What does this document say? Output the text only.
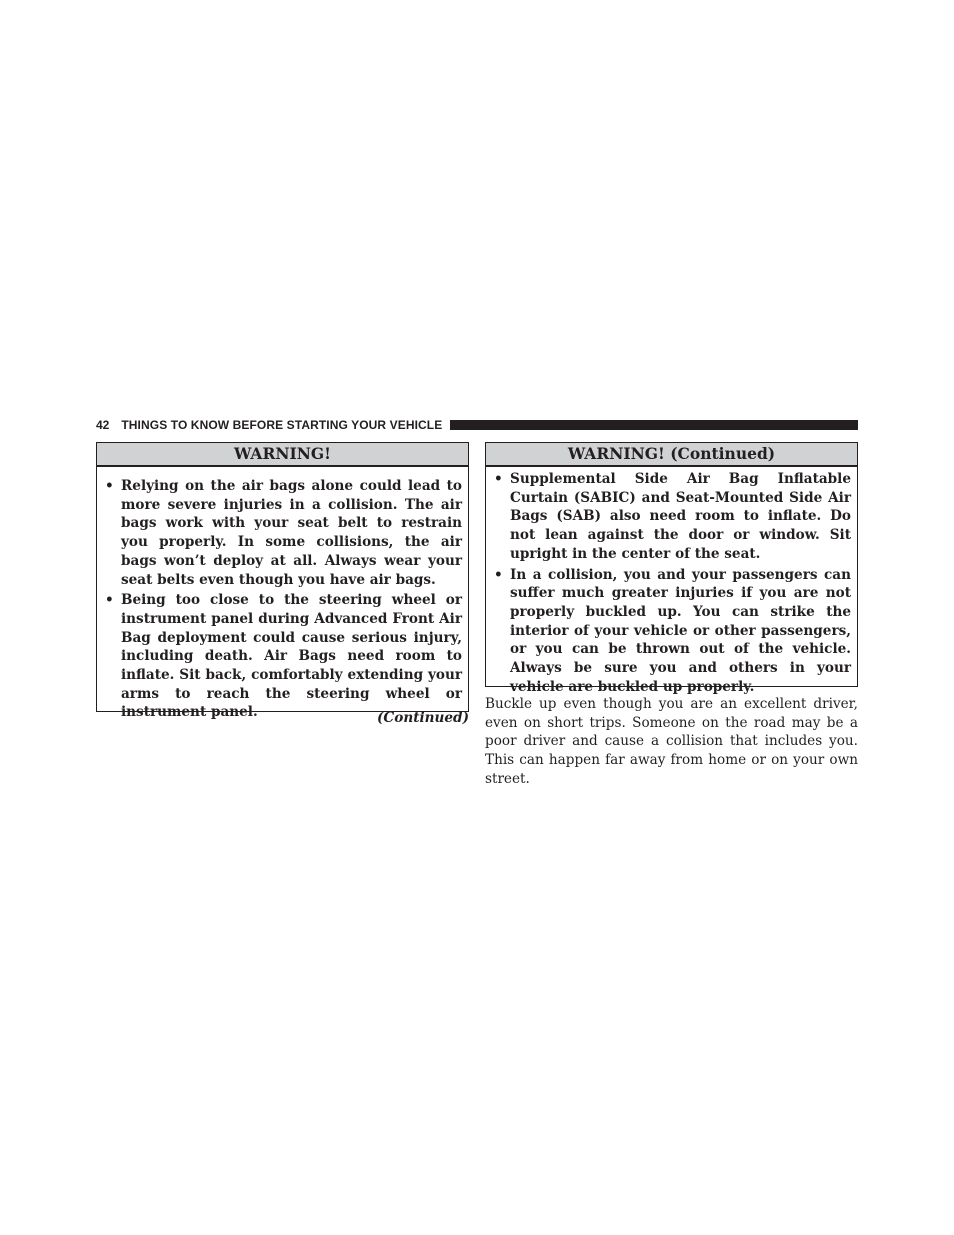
42 THINGS TO KNOW BEFORE STARTING YOUR VEHICLE
WARNING!
• Relying on the air bags alone could lead to more severe injuries in a collision. The air bags work with your seat belt to restrain you properly. In some collisions, the air bags won’t deploy at all. Always wear your seat belts even though you have air bags.
• Being too close to the steering wheel or instrument panel during Advanced Front Air Bag deployment could cause serious injury, including death. Air Bags need room to inflate. Sit back, comfortably extending your arms to reach the steering wheel or instrument panel.	(Continued)
WARNING! (Continued)
• Supplemental Side Air Bag Inflatable Curtain (SABIC) and Seat-Mounted Side Air Bags (SAB) also need room to inflate. Do not lean against the door or window. Sit upright in the center of the seat.
• In a collision, you and your passengers can suffer much greater injuries if you are not properly buckled up. You can strike the interior of your vehicle or other passengers, or you can be thrown out of the vehicle. Always be sure you and others in your vehicle are buckled up properly.

Buckle up even though you are an excellent driver, even on short trips. Someone on the road may be a poor driver and cause a collision that includes you. This can happen far away from home or on your own street.
